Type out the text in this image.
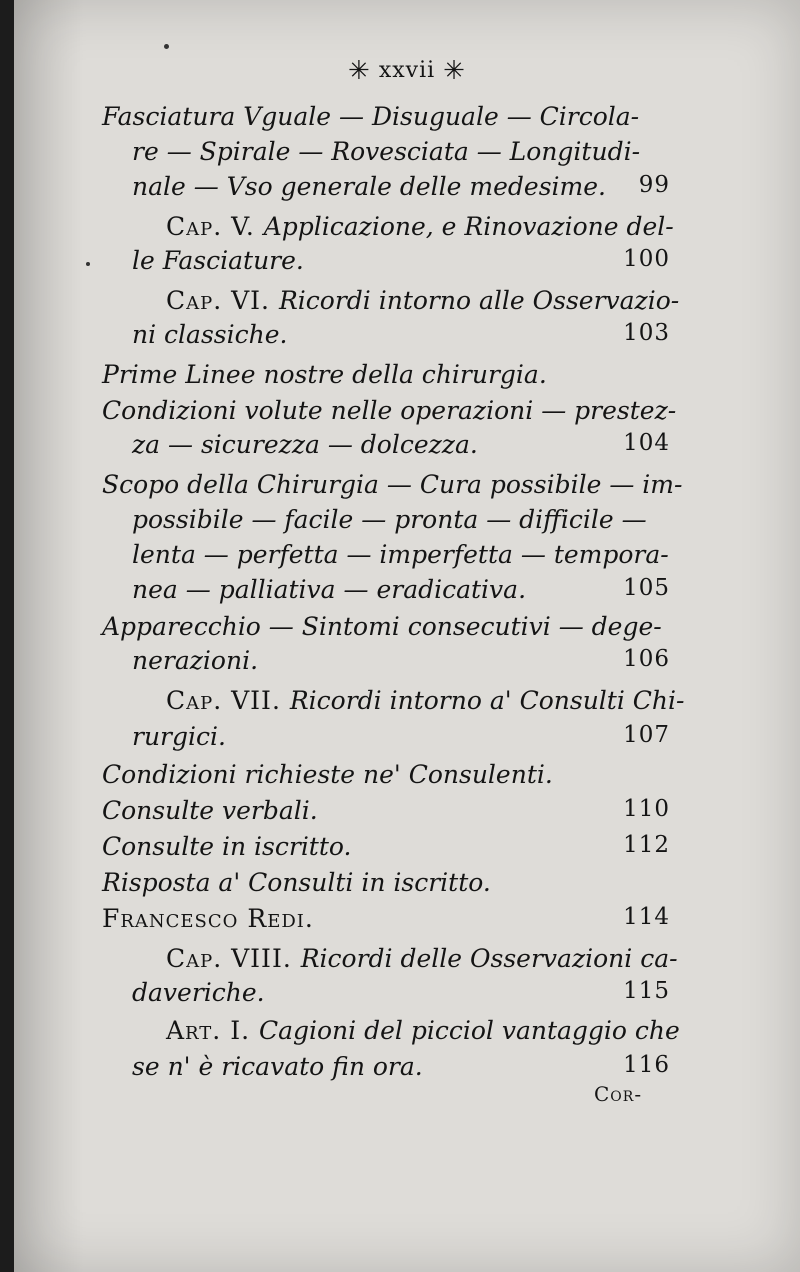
✳ xxvii ✳
Fasciatura Vguale — Disuguale — Circola-
re — Spirale — Rovesciata — Longitudi-
nale — Vso generale delle medesime. 99
Cap. V. Applicazione, e Rinovazione del-
le Fasciature.	100
Cap. VI. Ricordi intorno alle Osservazio-
ni classiche.	103
Prime Linee nostre della chirurgia.
Condizioni volute nelle operazioni — prestez-
za — sicurezza — dolcezza.	104
Scopo della Chirurgia — Cura possibile — im-
possibile — facile — pronta — difficile —
lenta — perfetta — imperfetta — tempora-
nea — palliativa — eradicativa.	105
Apparecchio — Sintomi consecutivi — dege-
nerazioni.	106
Cap. VII. Ricordi intorno a' Consulti Chi-
rurgici.	107
Condizioni richieste ne' Consulenti.
Consulte verbali.	110
Consulte in iscritto.	112
Risposta a' Consulti in iscritto.
Francesco Redi.	114
Cap. VIII. Ricordi delle Osservazioni ca-
daveriche.	115
Art. I. Cagioni del picciol vantaggio che
se n' è ricavato fin ora.	116
Cor-
